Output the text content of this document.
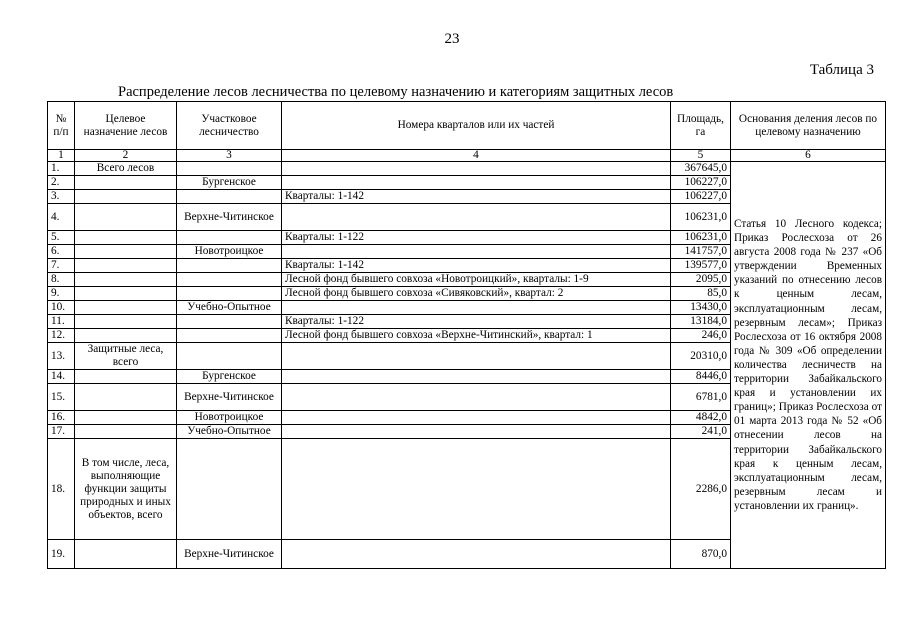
23
Таблица 3
Распределение лесов лесничества по целевому назначению и категориям защитных лесов
№ п/п	Целевое назначение лесов	Участковое лесничество	Номера кварталов или их частей	Площадь, га	Основания деления лесов по целевому назначению
1	2	3	4	5	6
1.	Всего лесов			367645,0	Статья 10 Лесного кодекса; Приказ Рослесхоза от 26 августа 2008 года № 237 «Об утверждении Временных указаний по отнесению лесов к ценным лесам, эксплуатационным лесам, резервным лесам»; Приказ Рослесхоза от 16 октября 2008 года № 309 «Об определении количества лесничеств на территории Забайкальского края и установлении их границ»; Приказ Рослесхоза от 01 марта 2013 года № 52 «Об отнесении лесов на территории Забайкальского края к ценным лесам, эксплуатационным лесам, резервным лесам и установлении их границ».
2.		Бургенское		106227,0	
3.			Кварталы: 1-142	106227,0	
4.		Верхне-Читинское		106231,0	
5.			Кварталы: 1-122	106231,0	
6.		Новотроицкое		141757,0	
7.			Кварталы: 1-142	139577,0	
8.			Лесной фонд бывшего совхоза «Новотроицкий», кварталы: 1-9	2095,0	
9.			Лесной фонд бывшего совхоза «Сивяковский», квартал: 2	85,0	
10.		Учебно-Опытное		13430,0	
11.			Кварталы: 1-122	13184,0	
12.			Лесной фонд бывшего совхоза «Верхне-Читинский», квартал: 1	246,0	
13.	Защитные леса, всего			20310,0	
14.		Бургенское		8446,0	
15.		Верхне-Читинское		6781,0	
16.		Новотроицкое		4842,0	
17.		Учебно-Опытное		241,0	
18.	В том числе, леса, выполняющие функции защиты природных и иных объектов, всего			2286,0	
19.		Верхне-Читинское		870,0	
